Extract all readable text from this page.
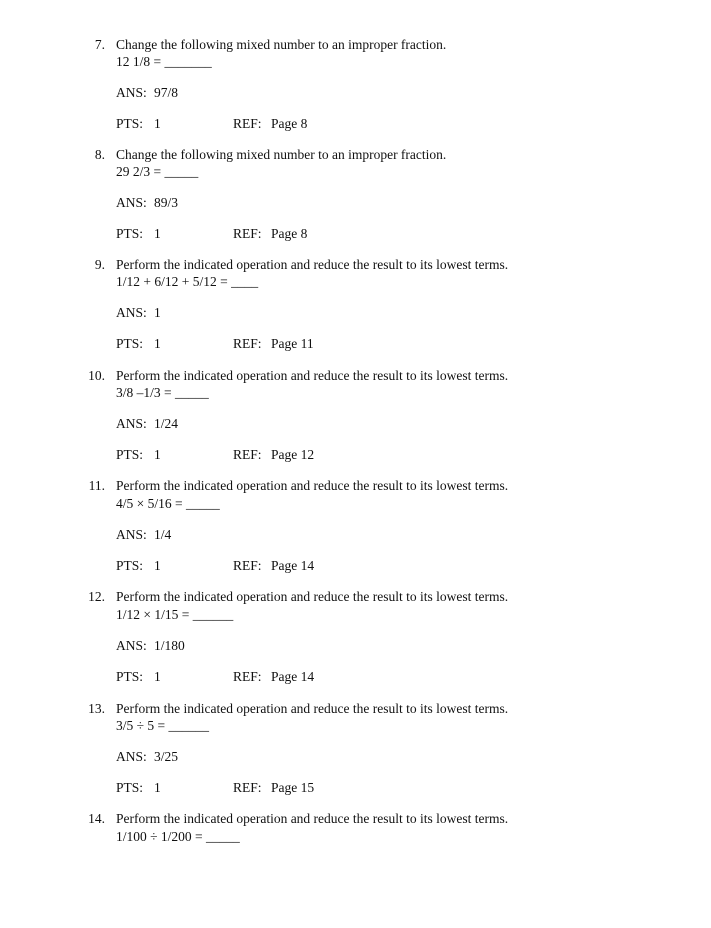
7. Change the following mixed number to an improper fraction.
12 1/8 = _______
ANS: 97/8
PTS: 1	REF: Page 8
8. Change the following mixed number to an improper fraction.
29 2/3 = _____
ANS: 89/3
PTS: 1	REF: Page 8
9. Perform the indicated operation and reduce the result to its lowest terms.
1/12 + 6/12 + 5/12 = ____
ANS: 1
PTS: 1	REF: Page 11
10. Perform the indicated operation and reduce the result to its lowest terms.
3/8 –1/3 = _____
ANS: 1/24
PTS: 1	REF: Page 12
11. Perform the indicated operation and reduce the result to its lowest terms.
4/5 × 5/16 = _____
ANS: 1/4
PTS: 1	REF: Page 14
12. Perform the indicated operation and reduce the result to its lowest terms.
1/12 × 1/15 = ______
ANS: 1/180
PTS: 1	REF: Page 14
13. Perform the indicated operation and reduce the result to its lowest terms.
3/5 ÷ 5 = ______
ANS: 3/25
PTS: 1	REF: Page 15
14. Perform the indicated operation and reduce the result to its lowest terms.
1/100 ÷ 1/200 = _____
